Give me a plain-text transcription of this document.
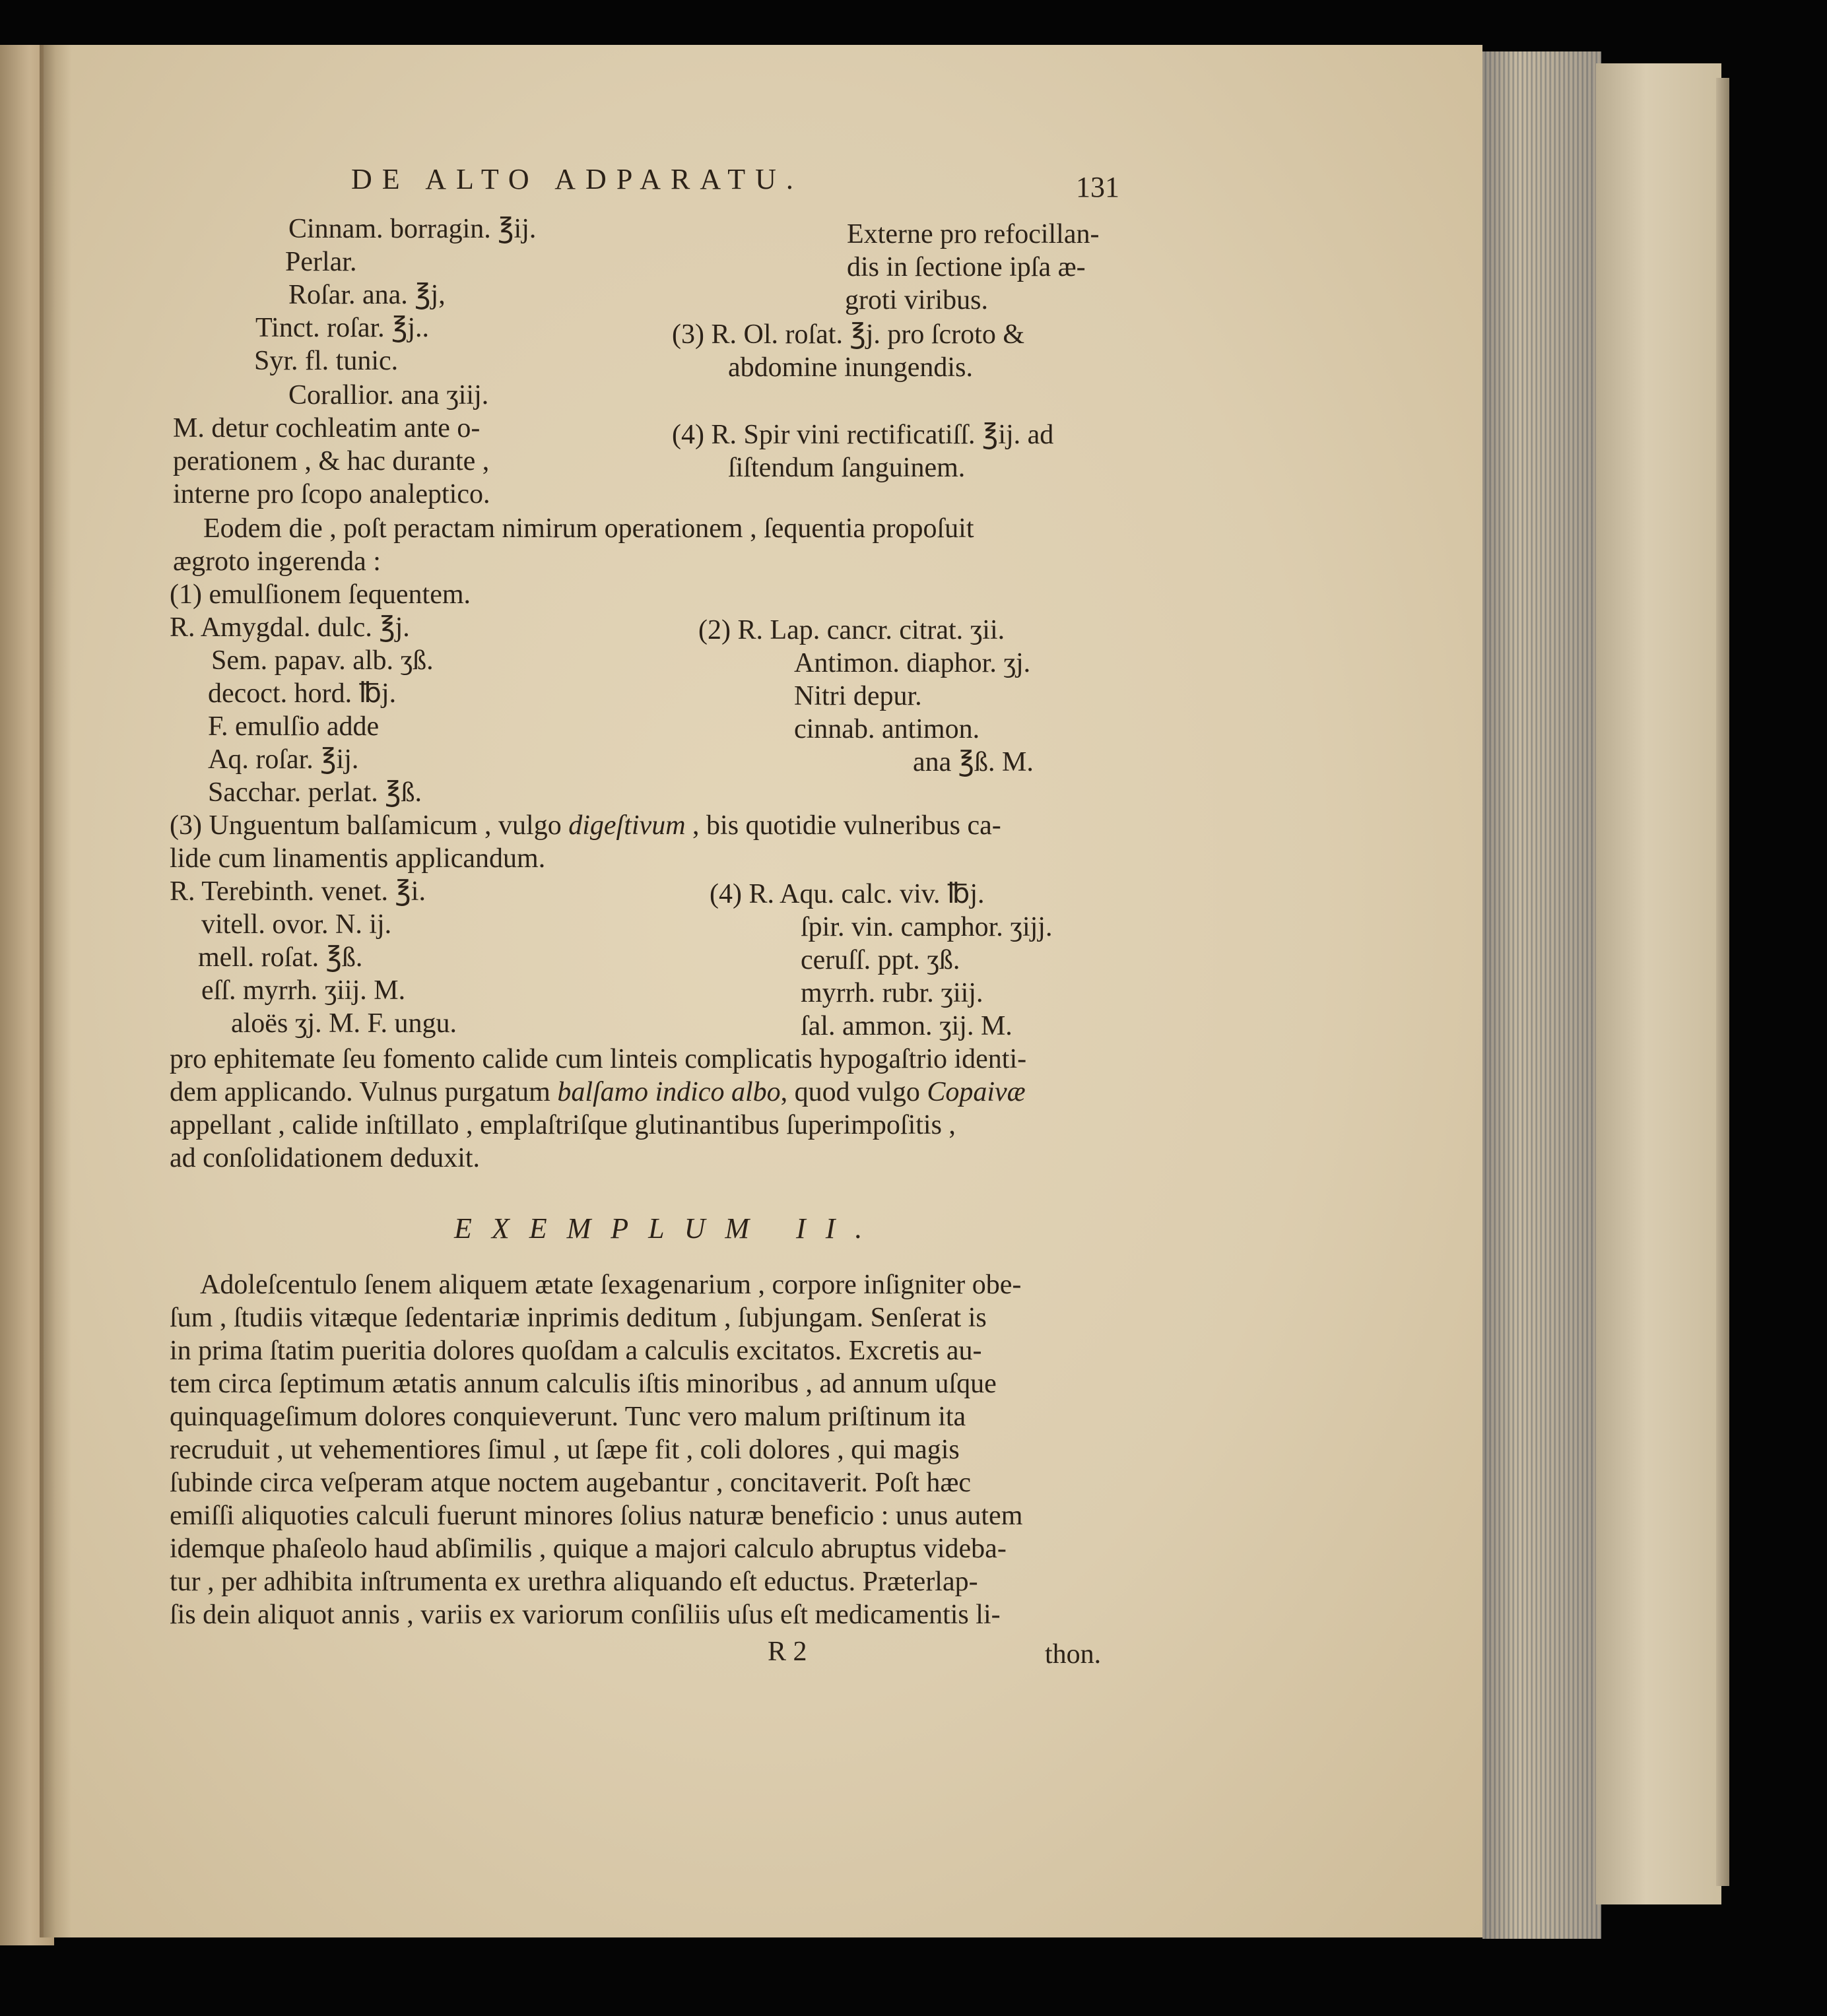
DE ALTO ADPARATU.	131
Cinnam. borragin. ℥ij.
Perlar.
Roſar. ana. ℥j,
Tinct. roſar. ℥j..
Syr. fl. tunic.
Corallior. ana ʒiij.
M. detur cochleatim ante o-
perationem , & hac durante ,
interne pro ſcopo analeptico.
Externe pro refocillan-
dis in ſectione ipſa æ-
groti viribus.
(3) R. Ol. roſat. ℥j. pro ſcroto &
abdomine inungendis.
(4) R. Spir vini rectificatiſſ. ℥ij. ad
ſiſtendum ſanguinem.
Eodem die , poſt peractam nimirum operationem , ſequentia propoſuit
ægroto ingerenda :
(1) emulſionem ſequentem.
R. Amygdal. dulc. ℥j.
Sem. papav. alb. ʒß.
decoct. hord. ℔j.
F. emulſio adde
Aq. roſar. ℥ij.
Sacchar. perlat. ℥ß.
(2) R. Lap. cancr. citrat. ʒii.
Antimon. diaphor. ʒj.
Nitri depur.
cinnab. antimon.
ana ℥ß. M.
(3) Unguentum balſamicum , vulgo digeſtivum , bis quotidie vulneribus ca-
lide cum linamentis applicandum.
R. Terebinth. venet. ℥i.
vitell. ovor. N. ij.
mell. roſat. ℥ß.
eſſ. myrrh. ʒiij. M.
aloës ʒj. M. F. ungu.
(4) R. Aqu. calc. viv. ℔j.
ſpir. vin. camphor. ʒijj.
ceruſſ. ppt. ʒß.
myrrh. rubr. ʒiij.
ſal. ammon. ʒij. M.
pro ephitemate ſeu fomento calide cum linteis complicatis hypogaſtrio identi-
dem applicando. Vulnus purgatum balſamo indico albo, quod vulgo Copaivæ
appellant , calide inſtillato , emplaſtriſque glutinantibus ſuperimpoſitis ,
ad conſolidationem deduxit.
EXEMPLUM II.
Adoleſcentulo ſenem aliquem ætate ſexagenarium , corpore inſigniter obe-
ſum , ſtudiis vitæque ſedentariæ inprimis deditum , ſubjungam. Senſerat is
in prima ſtatim pueritia dolores quoſdam a calculis excitatos. Excretis au-
tem circa ſeptimum ætatis annum calculis iſtis minoribus , ad annum uſque
quinquageſimum dolores conquieverunt. Tunc vero malum priſtinum ita
recruduit , ut vehementiores ſimul , ut ſæpe fit , coli dolores , qui magis
ſubinde circa veſperam atque noctem augebantur , concitaverit. Poſt hæc
emiſſi aliquoties calculi fuerunt minores ſolius naturæ beneficio : unus autem
idemque phaſeolo haud abſimilis , quique a majori calculo abruptus videba-
tur , per adhibita inſtrumenta ex urethra aliquando eſt eductus. Præterlap-
ſis dein aliquot annis , variis ex variorum conſiliis uſus eſt medicamentis li-
R 2	thon.
